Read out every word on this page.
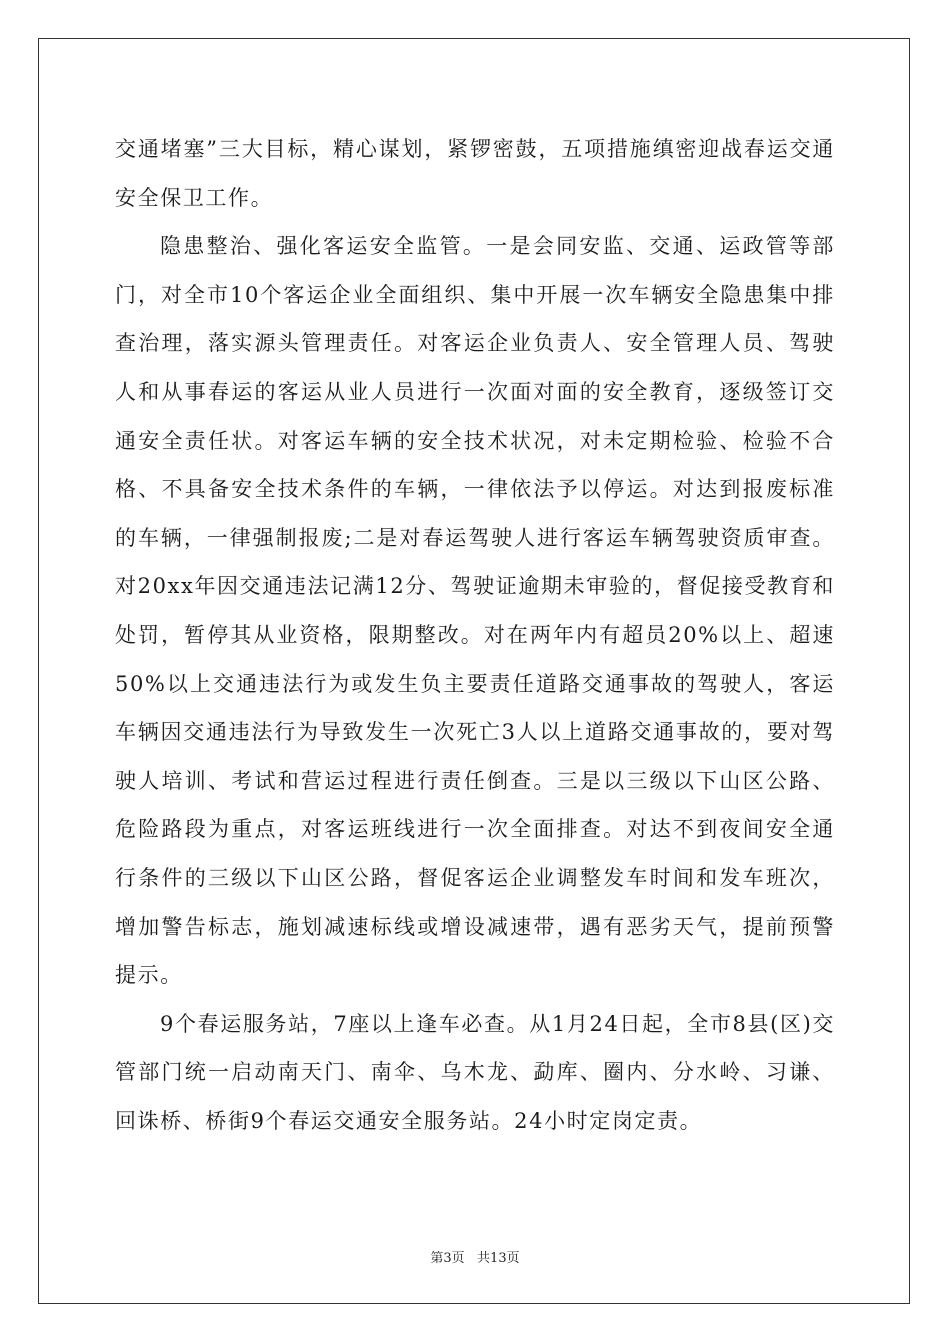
交通堵塞”三大目标，精心谋划，紧锣密鼓，五项措施缜密迎战春运交通安全保卫工作。

隐患整治、强化客运安全监管。一是会同安监、交通、运政管等部门，对全市10个客运企业全面组织、集中开展一次车辆安全隐患集中排查治理，落实源头管理责任。对客运企业负责人、安全管理人员、驾驶人和从事春运的客运从业人员进行一次面对面的安全教育，逐级签订交通安全责任状。对客运车辆的安全技术状况，对未定期检验、检验不合格、不具备安全技术条件的车辆，一律依法予以停运。对达到报废标准的车辆，一律强制报废;二是对春运驾驶人进行客运车辆驾驶资质审查。对20xx年因交通违法记满12分、驾驶证逾期未审验的，督促接受教育和处罚，暂停其从业资格，限期整改。对在两年内有超员20%以上、超速50%以上交通违法行为或发生负主要责任道路交通事故的驾驶人，客运车辆因交通违法行为导致发生一次死亡3人以上道路交通事故的，要对驾驶人培训、考试和营运过程进行责任倒查。三是以三级以下山区公路、危险路段为重点，对客运班线进行一次全面排查。对达不到夜间安全通行条件的三级以下山区公路，督促客运企业调整发车时间和发车班次，增加警告标志，施划减速标线或增设减速带，遇有恶劣天气，提前预警提示。

9个春运服务站，7座以上逢车必查。从1月24日起，全市8县(区)交管部门统一启动南天门、南伞、乌木龙、勐库、圈内、分水岭、习谦、回诛桥、桥街9个春运交通安全服务站。24小时定岗定责。

第3页   共13页
